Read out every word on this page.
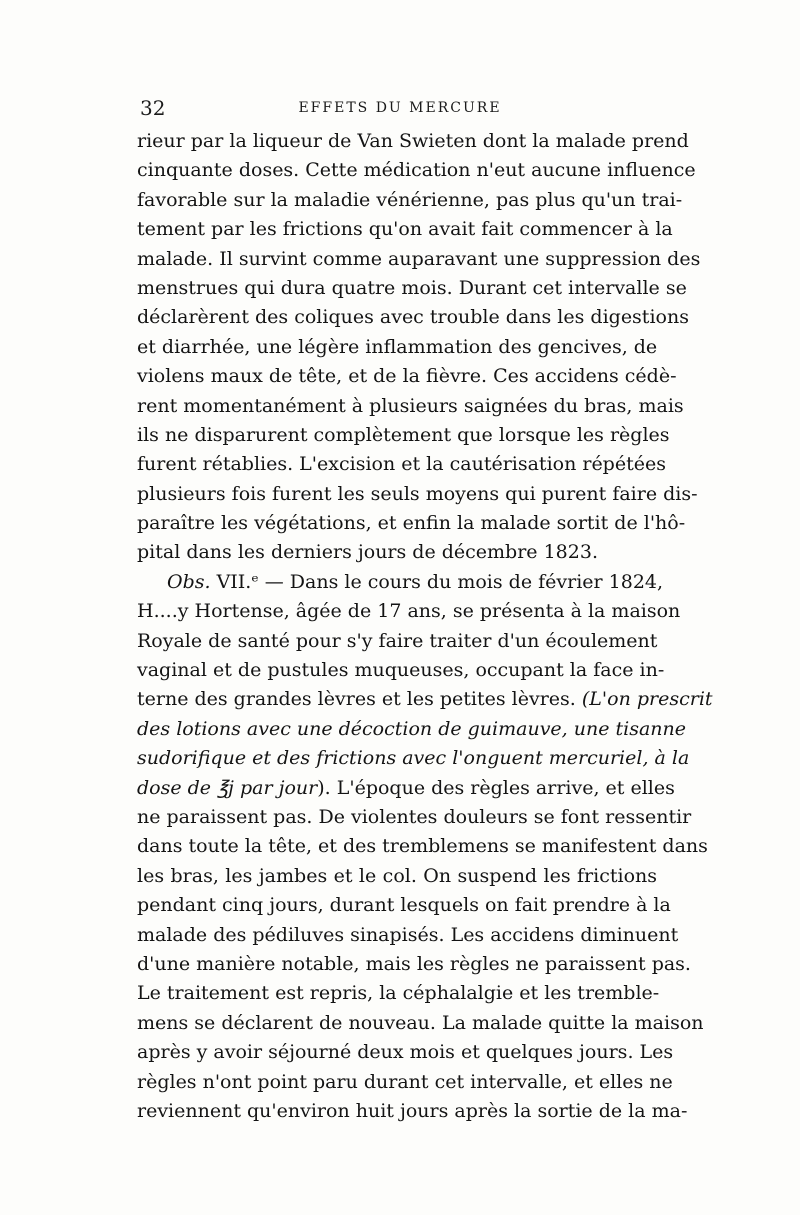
32	EFFETS DU MERCURE
rieur par la liqueur de Van Swieten dont la malade prend
cinquante doses. Cette médication n'eut aucune influence
favorable sur la maladie vénérienne, pas plus qu'un trai-
tement par les frictions qu'on avait fait commencer à la
malade. Il survint comme auparavant une suppression des
menstrues qui dura quatre mois. Durant cet intervalle se
déclarèrent des coliques avec trouble dans les digestions
et diarrhée, une légère inflammation des gencives, de
violens maux de tête, et de la fièvre. Ces accidens cédè-
rent momentanément à plusieurs saignées du bras, mais
ils ne disparurent complètement que lorsque les règles
furent rétablies. L'excision et la cautérisation répétées
plusieurs fois furent les seuls moyens qui purent faire dis-
paraître les végétations, et enfin la malade sortit de l'hô-
pital dans les derniers jours de décembre 1823.
Obs. VII.ᵉ — Dans le cours du mois de février 1824,
H....y Hortense, âgée de 17 ans, se présenta à la maison
Royale de santé pour s'y faire traiter d'un écoulement
vaginal et de pustules muqueuses, occupant la face in-
terne des grandes lèvres et les petites lèvres. (L'on prescrit
des lotions avec une décoction de guimauve, une tisanne
sudorifique et des frictions avec l'onguent mercuriel, à la
dose de ℥j par jour). L'époque des règles arrive, et elles
ne paraissent pas. De violentes douleurs se font ressentir
dans toute la tête, et des tremblemens se manifestent dans
les bras, les jambes et le col. On suspend les frictions
pendant cinq jours, durant lesquels on fait prendre à la
malade des pédiluves sinapisés. Les accidens diminuent
d'une manière notable, mais les règles ne paraissent pas.
Le traitement est repris, la céphalalgie et les tremble-
mens se déclarent de nouveau. La malade quitte la maison
après y avoir séjourné deux mois et quelques jours. Les
règles n'ont point paru durant cet intervalle, et elles ne
reviennent qu'environ huit jours après la sortie de la ma-
